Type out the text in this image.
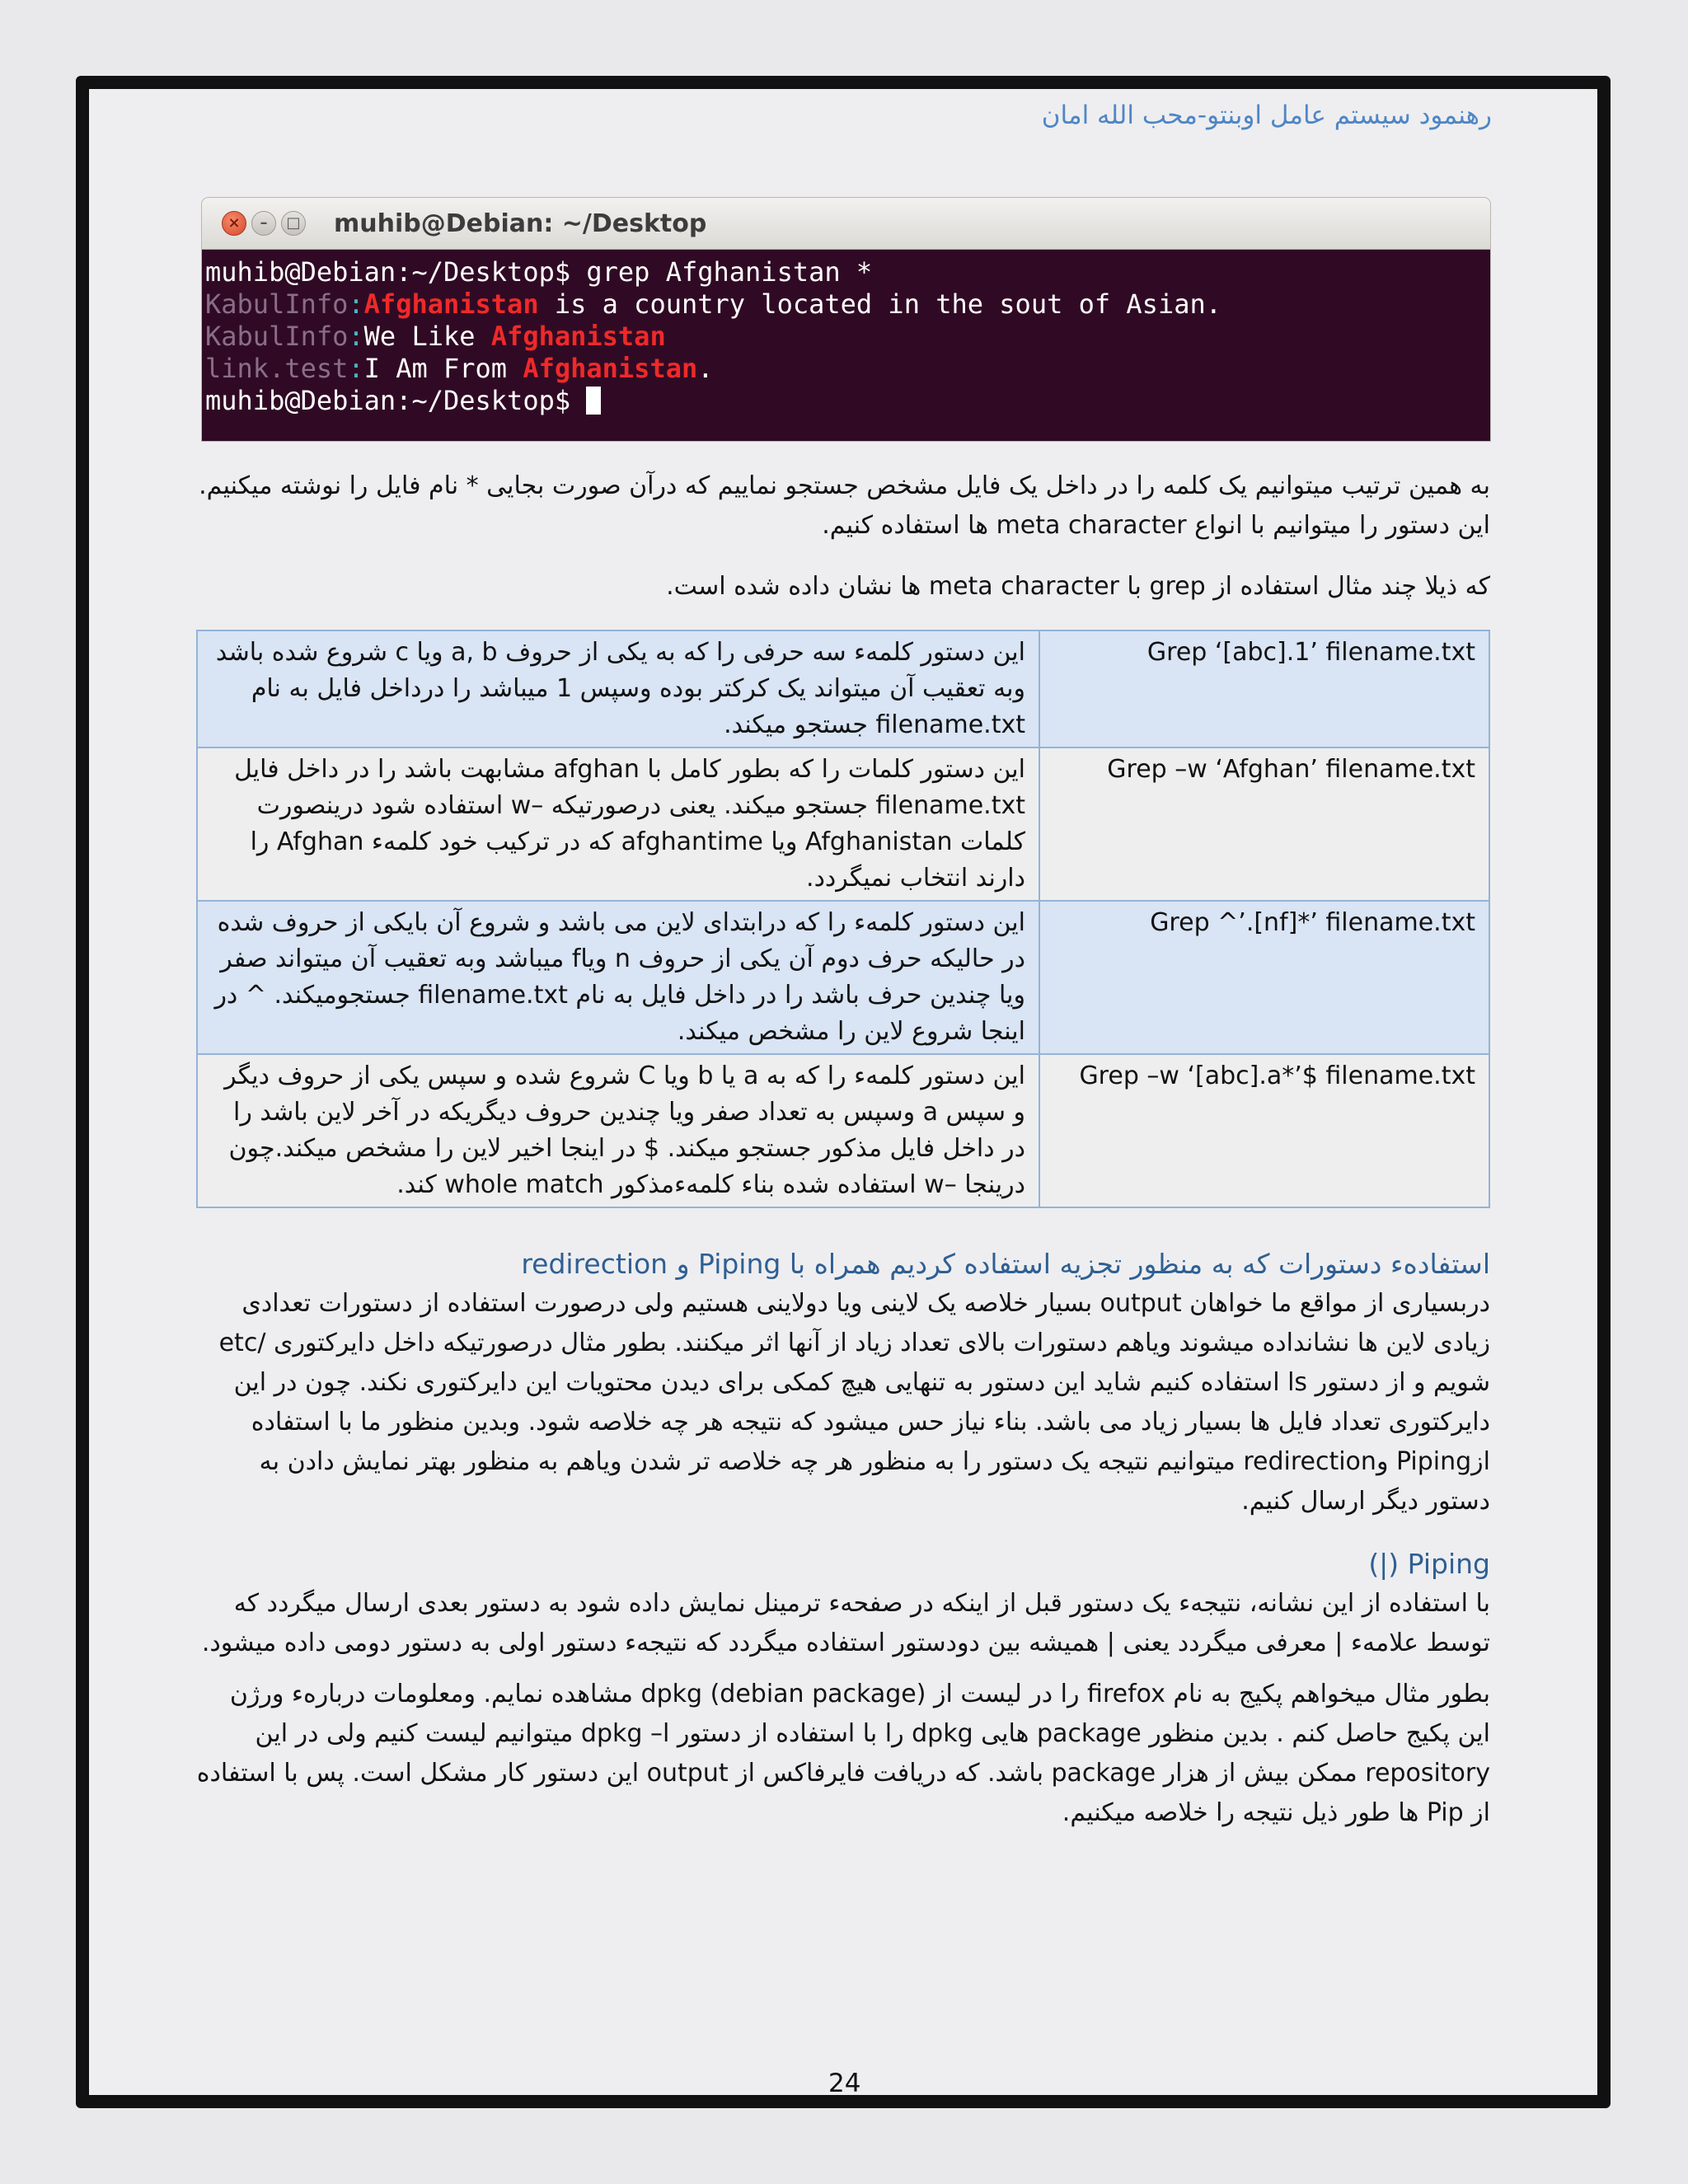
رهنمود سیستم عامل اوبنتو-محب الله امان
×	–	□ muhib@Debian: ~/Desktop
muhib@Debian:~/Desktop$ grep Afghanistan *
KabulInfo:Afghanistan is a country located in the sout of Asian.
KabulInfo:We Like Afghanistan
link.test:I Am From Afghanistan.
muhib@Debian:~/Desktop$
به همین ترتیب میتوانیم یک کلمه را در داخل یک فایل مشخص جستجو نماییم که درآن صورت بجایی * نام فایل را نوشته میکنیم.
این دستور را میتوانیم با انواع meta character ها استفاده کنیم.
که ذیلا چند مثال استفاده از grep با meta character ها نشان داده شده است.
این دستور کلمهء سه حرفی را که به یکی از حروف a, b ویا c شروع شده باشد وبه تعقیب آن میتواند یک کرکتر بوده وسپس 1 میباشد را درداخل فایل به نام filename.txt جستجو میکند.	Grep ‘[abc].1’ filename.txt
این دستور کلمات را که بطور کامل با afghan مشابهت باشد را در داخل فایل filename.txt جستجو میکند. یعنی درصورتیکه –w استفاده شود درینصورت کلمات Afghanistan ویا afghantime که در ترکیب خود کلمهء Afghan را دارند انتخاب نمیگردد.	Grep –w ‘Afghan’ filename.txt
این دستور کلمهء را که درابتدای لاین می باشد و شروع آن بایکی از حروف شده در حالیکه حرف دوم آن یکی از حروف n ویاf میباشد وبه تعقیب آن میتواند صفر ویا چندین حرف باشد را در داخل فایل به نام filename.txt جستجومیکند. ^ در اینجا شروع لاین را مشخص میکند.	Grep ^’.[nf]*’ filename.txt
این دستور کلمهء را که به a یا b ویا C شروع شده و سپس یکی از حروف دیگر و سپس a وسپس به تعداد صفر ویا چندین حروف دیگریکه در آخر لاین باشد را در داخل فایل مذکور جستجو میکند. $ در اینجا اخیر لاین را مشخص میکند.چون درینجا –w استفاده شده بناء کلمهءمذکور whole match کند.	Grep –w ‘[abc].a*’$ filename.txt
استفادهء دستورات که به منظور تجزیه استفاده کردیم همراه با Piping و redirection
دربسیاری از مواقع ما خواهان output بسیار خلاصه یک لاینی ویا دولاینی هستیم ولی درصورت استفاده از دستورات تعدادی زیادی لاین ها نشانداده میشوند ویاهم دستورات بالای تعداد زیاد از آنها اثر میکنند. بطور مثال درصورتیکه داخل دایرکتوری /etc شویم و از دستور ls استفاده کنیم شاید این دستور به تنهایی هیچ کمکی برای دیدن محتویات این دایرکتوری نکند. چون در این دایرکتوری تعداد فایل ها بسیار زیاد می باشد. بناء نیاز حس میشود که نتیجه هر چه خلاصه شود. وبدین منظور ما با استفاده ازPiping وredirection میتوانیم نتیجه یک دستور را به منظور هر چه خلاصه تر شدن ویاهم به منظور بهتر نمایش دادن به دستور دیگر ارسال کنیم.
Piping (|)
با استفاده از این نشانه، نتیجهء یک دستور قبل از اینکه در صفحهء ترمینل نمایش داده شود به دستور بعدی ارسال میگردد که توسط علامهء | معرفی میگردد یعنی | همیشه بین دودستور استفاده میگردد که نتیجهء دستور اولی به دستور دومی داده میشود.
بطور مثال میخواهم پکیج به نام firefox را در لیست از dpkg (debian package) مشاهده نمایم. ومعلومات دربارهء ورژن این پکیج حاصل کنم . بدین منظور package هایی dpkg را با استفاده از دستور dpkg –l میتوانیم لیست کنیم ولی در این repository ممکن بیش از هزار package باشد. که دریافت فایرفاکس از output این دستور کار مشکل است. پس با استفاده از Pip ها طور ذیل نتیجه را خلاصه میکنیم.
24
